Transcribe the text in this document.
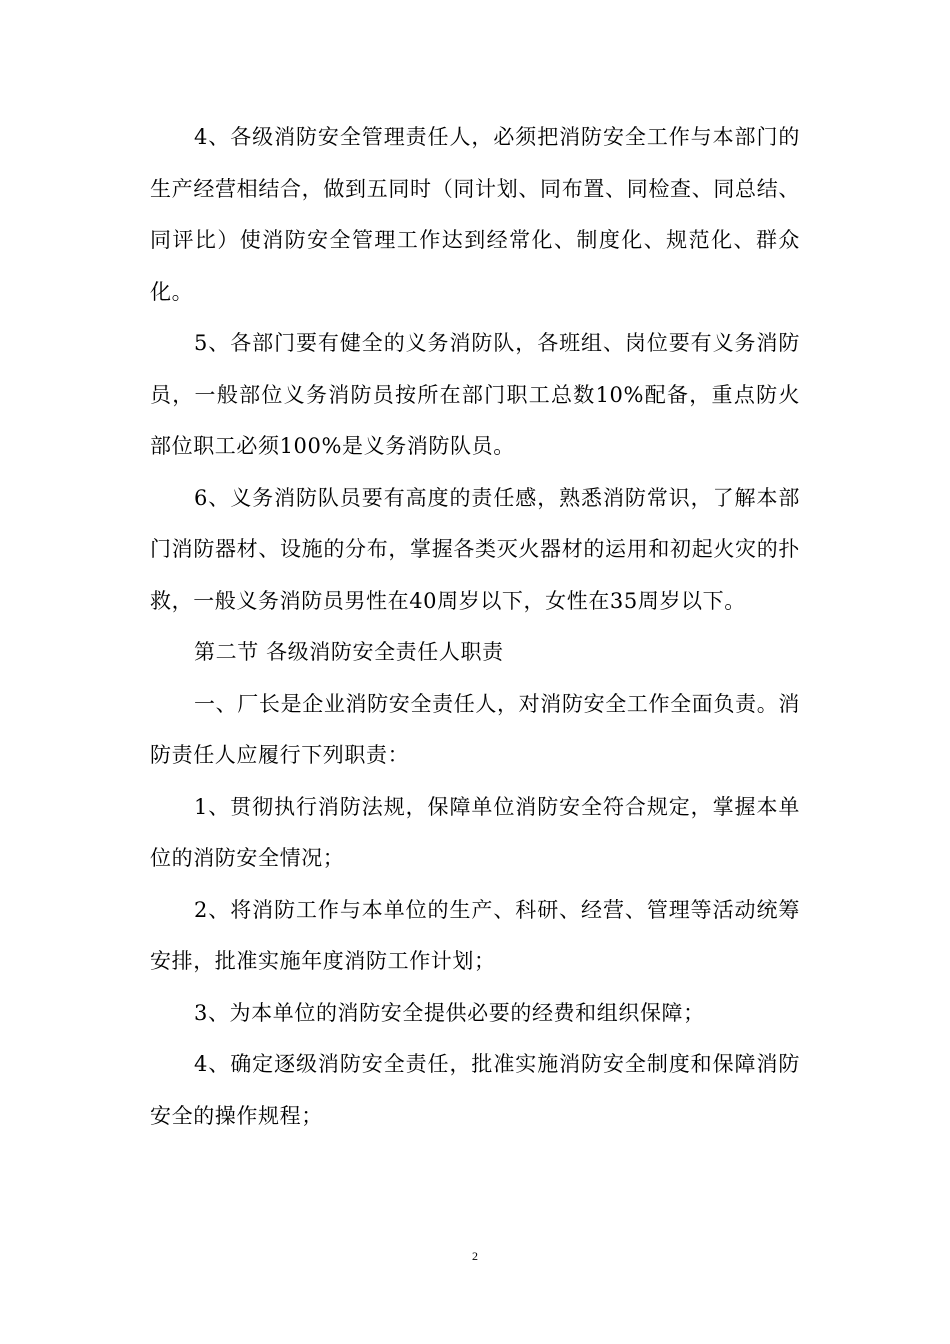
4、各级消防安全管理责任人，必须把消防安全工作与本部门的生产经营相结合，做到五同时（同计划、同布置、同检查、同总结、同评比）使消防安全管理工作达到经常化、制度化、规范化、群众化。

5、各部门要有健全的义务消防队，各班组、岗位要有义务消防员，一般部位义务消防员按所在部门职工总数10%配备，重点防火部位职工必须100%是义务消防队员。

6、义务消防队员要有高度的责任感，熟悉消防常识，了解本部门消防器材、设施的分布，掌握各类灭火器材的运用和初起火灾的扑救，一般义务消防员男性在40周岁以下，女性在35周岁以下。

第二节 各级消防安全责任人职责

一、厂长是企业消防安全责任人，对消防安全工作全面负责。消防责任人应履行下列职责：

1、贯彻执行消防法规，保障单位消防安全符合规定，掌握本单位的消防安全情况；

2、将消防工作与本单位的生产、科研、经营、管理等活动统筹安排，批准实施年度消防工作计划；

3、为本单位的消防安全提供必要的经费和组织保障；

4、确定逐级消防安全责任，批准实施消防安全制度和保障消防安全的操作规程；

2
